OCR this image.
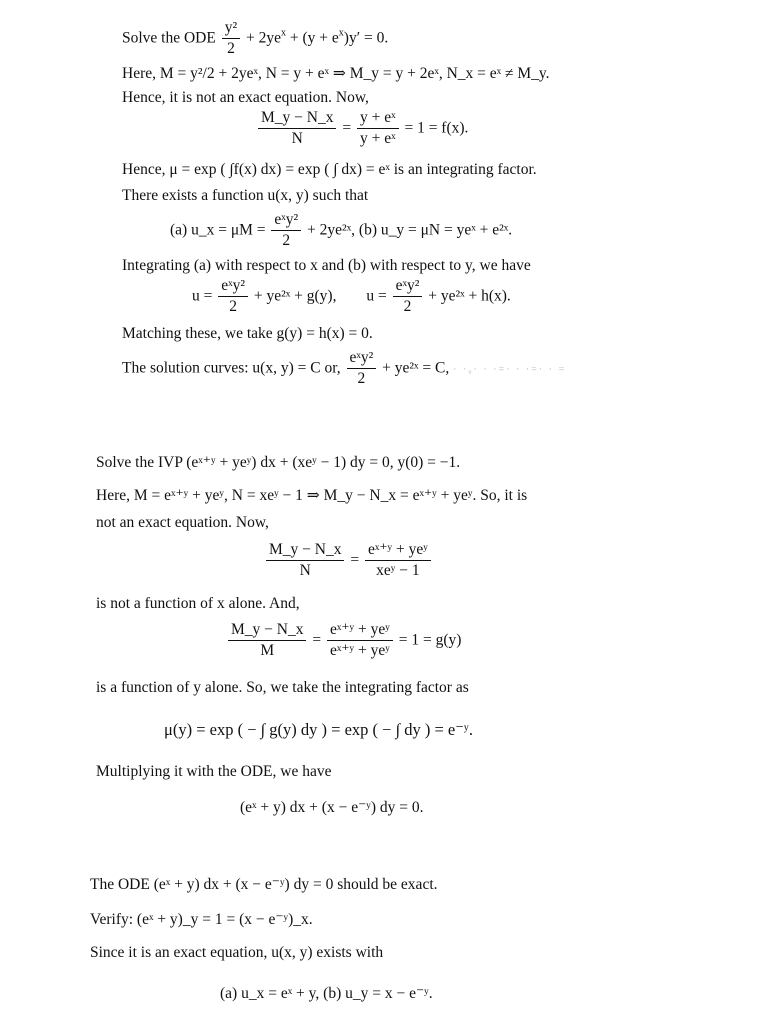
Solve the ODE $\frac{\text{y²}}{2} + 2ye^x + (y + e^x)y' = 0$.
Here, M = y²/2 + 2yeˣ, N = y + eˣ ⇒ M_y = y + 2eˣ, N_x = eˣ ≠ M_y.
Hence, it is not an exact equation. Now,
$\frac{M\_y - N\_x}{N} = \frac{\text{y + eˣ}}{\text{y + eˣ}} = 1 = f(x)$.
Hence, μ = exp ( ∫f(x) dx) = exp ( ∫ dx) = eˣ is an integrating factor.
There exists a function u(x, y) such that
(a) u_x = μM =
eˣy²
2
+ 2ye²ˣ, (b) u_y = μN = yeˣ + e²ˣ.
Integrating (a) with respect to x and (b) with respect to y, we have
u =
eˣy²
2
+ ye²ˣ + g(y), u =
eˣy²
2
+ ye²ˣ + h(x).
Matching these, we take g(y) = h(x) = 0.
The solution curves: u(x, y) = C or,
eˣy²
2
+ ye²ˣ = C, · ·ᵤ· · ·=· · ·=· · =
Solve the IVP (eˣ⁺ʸ + yeʸ) dx + (xeʸ − 1) dy = 0, y(0) = −1.
Here, M = eˣ⁺ʸ + yeʸ, N = xeʸ − 1 ⇒ M_y − N_x = eˣ⁺ʸ + yeʸ. So, it is
not an exact equation. Now,
$\frac{M\_y - N\_x}{N}$ =
eˣ⁺ʸ + yeʸ
xeʸ − 1
is not a function of x alone. And,
$\frac{M\_y - N\_x}{M}$ =
eˣ⁺ʸ + yeʸ
eˣ⁺ʸ + yeʸ
= 1 = g(y)
is a function of y alone. So, we take the integrating factor as
μ(y) = exp ( − ∫ g(y) dy ) = exp ( − ∫ dy ) = e⁻ʸ.
Multiplying it with the ODE, we have
(eˣ + y) dx + (x − e⁻ʸ) dy = 0.
The ODE (eˣ + y) dx + (x − e⁻ʸ) dy = 0 should be exact.
Verify: (eˣ + y)_y = 1 = (x − e⁻ʸ)_x.
Since it is an exact equation, u(x, y) exists with
(a) u_x = eˣ + y, (b) u_y = x − e⁻ʸ.
